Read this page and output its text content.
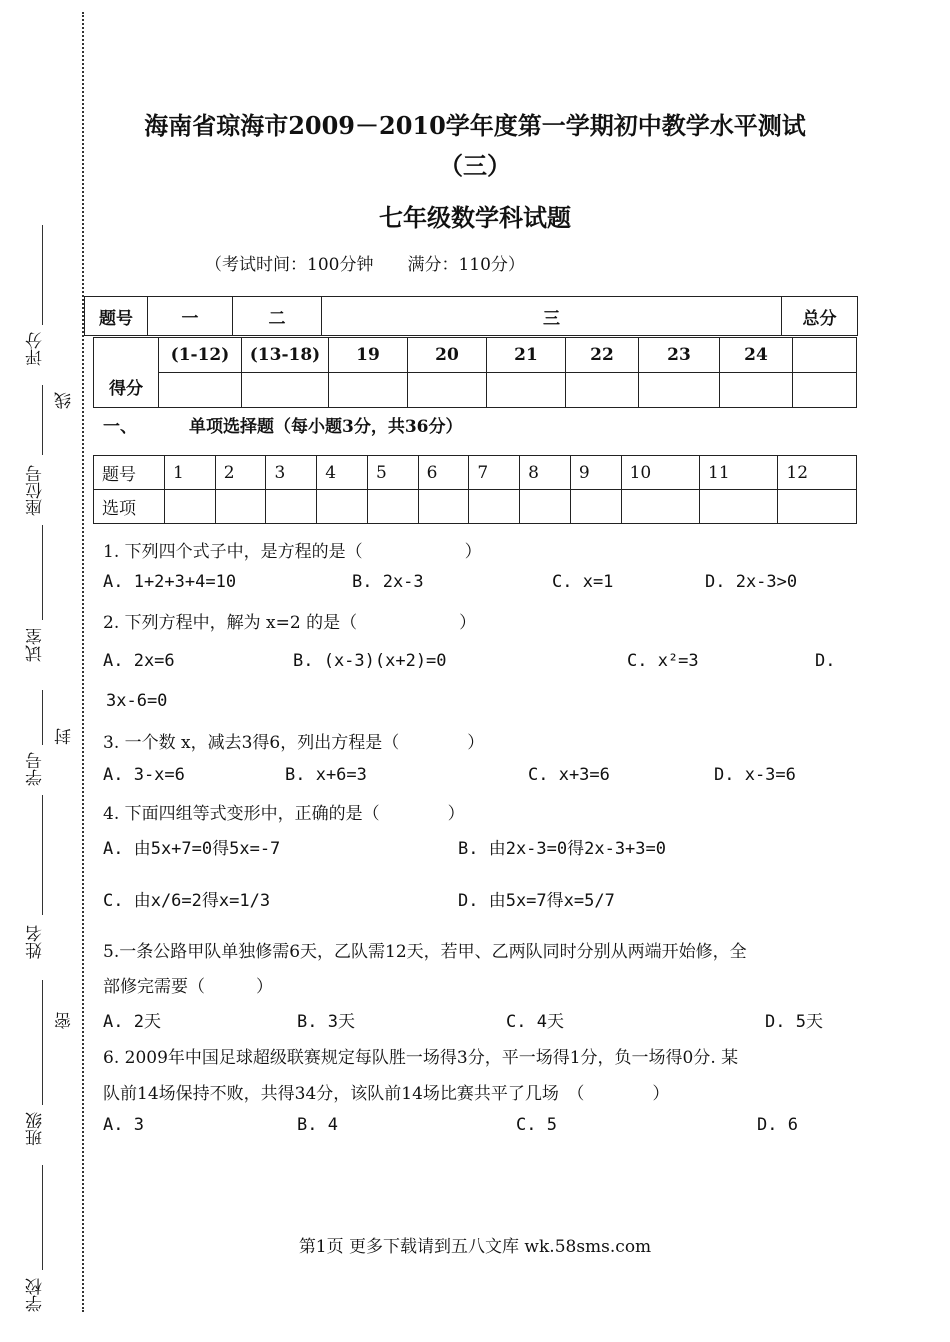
评分
座位号
试室
学号
姓名
班级
学校
线
封
密
海南省琼海市2009－2010学年度第一学期初中教学水平测试
（三）
七年级数学科试题
（考试时间：100分钟　　满分：110分）
题号	一	二	三	总分
得分	(1-12)	(13-18)	19	20	21	22	23	24	

一、	单项选择题（每小题3分，共36分）
题号	1	2	3	4	5	6	7	8	9	10	11	12
选项												
1. 下列四个式子中，是方程的是（　　　　　　）
A. 1+2+3+4=10	B. 2x-3	C. x=1	D. 2x-3>0
2. 下列方程中，解为 x=2 的是（　　　　　　）
A. 2x=6	B. (x-3)(x+2)=0	C. x²=3	D.
3x-6=0
3. 一个数 x，减去3得6，列出方程是（　　　　）
A. 3-x=6	B. x+6=3	C. x+3=6	D. x-3=6
4. 下面四组等式变形中，正确的是（　　　　）
A. 由5x+7=0得5x=-7	B. 由2x-3=0得2x-3+3=0
C. 由x/6=2得x=1/3	D. 由5x=7得x=5/7
5.一条公路甲队单独修需6天，乙队需12天，若甲、乙两队同时分别从两端开始修，全
部修完需要（　　　）
A. 2天	B. 3天	C. 4天	D. 5天
6. 2009年中国足球超级联赛规定每队胜一场得3分，平一场得1分，负一场得0分. 某
队前14场保持不败，共得34分，该队前14场比赛共平了几场　（　　　　）
A. 3	B. 4	C. 5	D. 6
第1页 更多下载请到五八文库 wk.58sms.com
